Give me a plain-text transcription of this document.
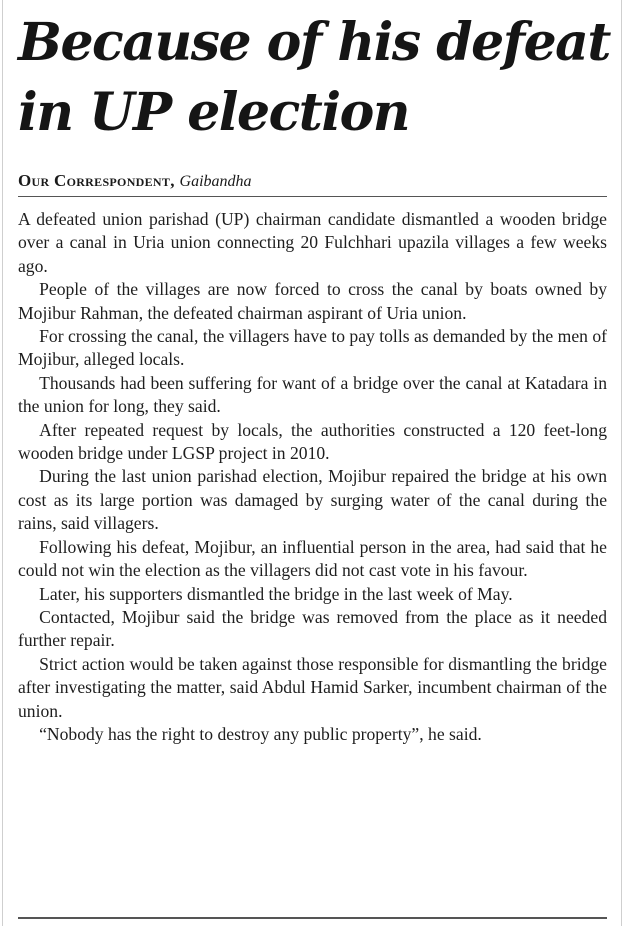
Because of his defeat in UP election
Our Correspondent, Gaibandha

A defeated union parishad (UP) chairman candidate dismantled a wooden bridge over a canal in Uria union connecting 20 Fulchhari upazila villages a few weeks ago.

People of the villages are now forced to cross the canal by boats owned by Mojibur Rahman, the defeated chairman aspirant of Uria union.

For crossing the canal, the villagers have to pay tolls as demanded by the men of Mojibur, alleged locals.

Thousands had been suffering for want of a bridge over the canal at Katadara in the union for long, they said.

After repeated request by locals, the authorities constructed a 120 feet-long wooden bridge under LGSP project in 2010.

During the last union parishad election, Mojibur repaired the bridge at his own cost as its large portion was damaged by surging water of the canal during the rains, said villagers.

Following his defeat, Mojibur, an influential person in the area, had said that he could not win the election as the villagers did not cast vote in his favour.

Later, his supporters dismantled the bridge in the last week of May.

Contacted, Mojibur said the bridge was removed from the place as it needed further repair.

Strict action would be taken against those responsible for dismantling the bridge after investigating the matter, said Abdul Hamid Sarker, incumbent chairman of the union.

“Nobody has the right to destroy any public property”, he said.
